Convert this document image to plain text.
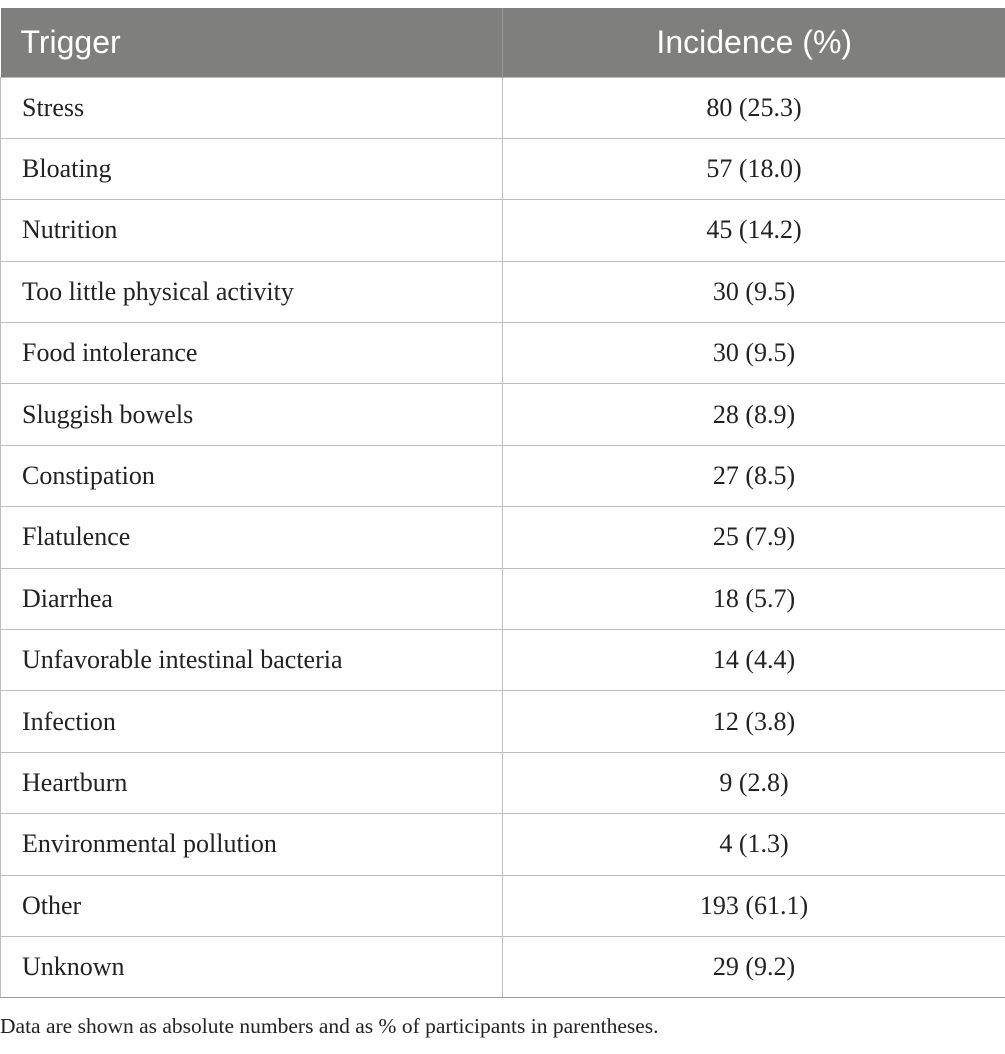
Trigger	Incidence (%)
Stress	80 (25.3)
Bloating	57 (18.0)
Nutrition	45 (14.2)
Too little physical activity	30 (9.5)
Food intolerance	30 (9.5)
Sluggish bowels	28 (8.9)
Constipation	27 (8.5)
Flatulence	25 (7.9)
Diarrhea	18 (5.7)
Unfavorable intestinal bacteria	14 (4.4)
Infection	12 (3.8)
Heartburn	9 (2.8)
Environmental pollution	4 (1.3)
Other	193 (61.1)
Unknown	29 (9.2)
Data are shown as absolute numbers and as % of participants in parentheses.
